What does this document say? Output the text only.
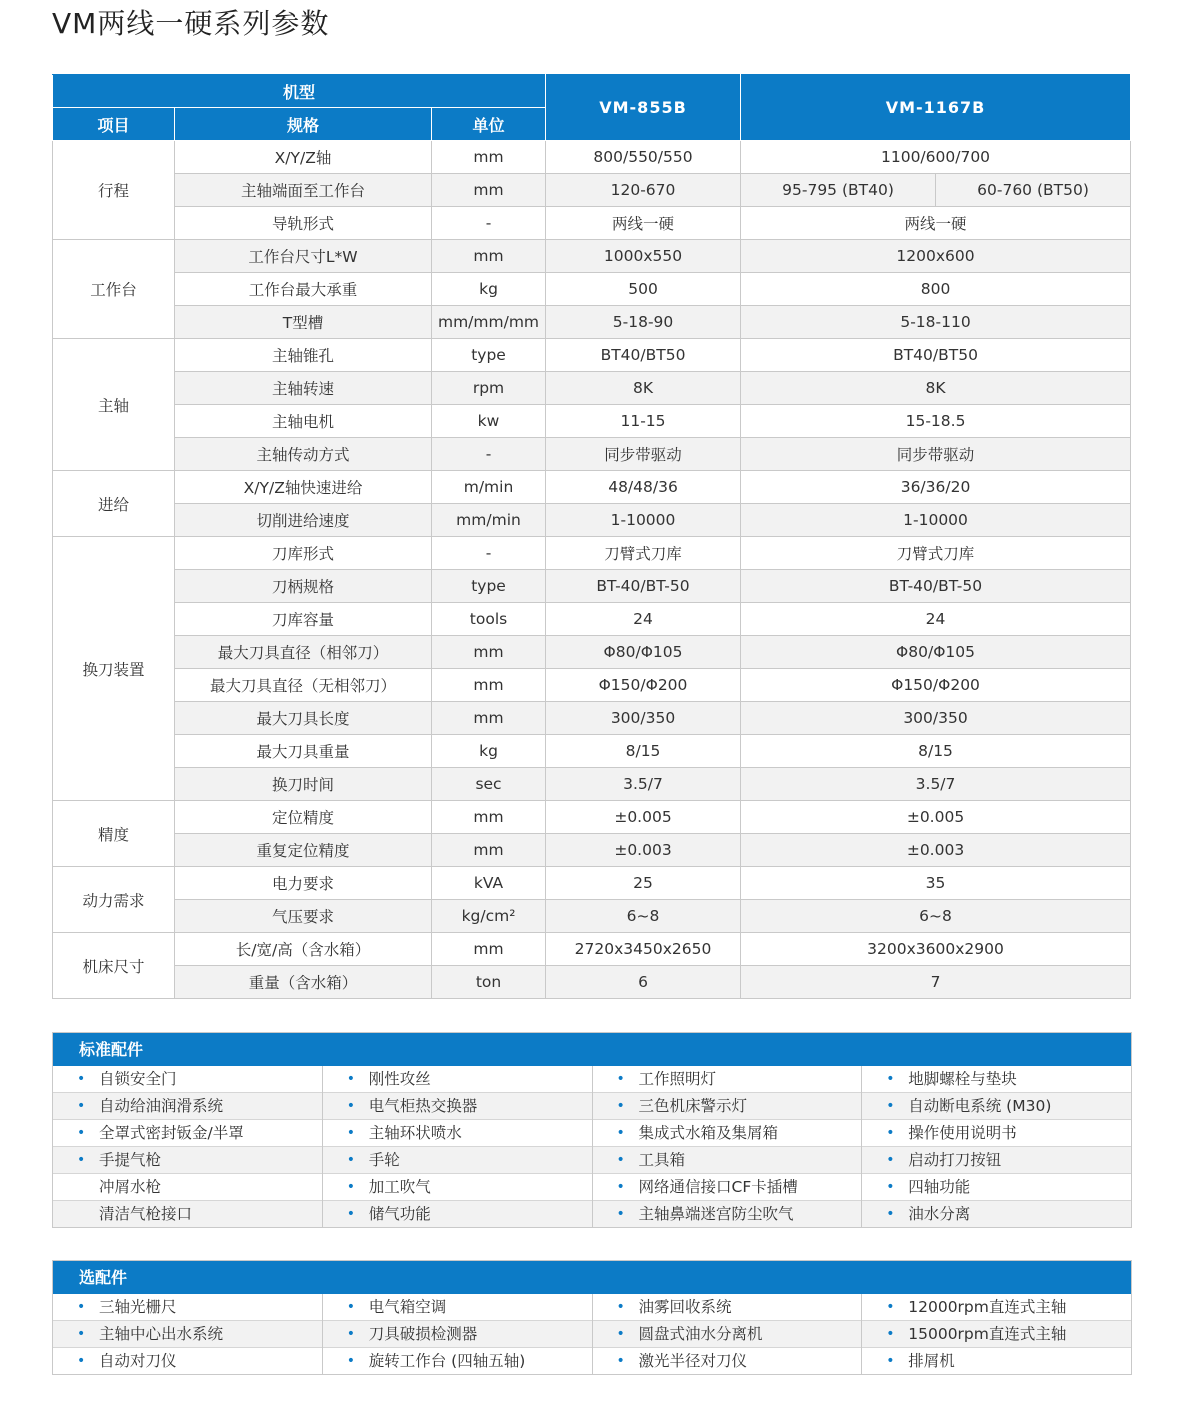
VM两线一硬系列参数
机型			VM-855B	VM-1167B	
项目	规格	单位			
行程	X/Y/Z轴	mm	800/550/550	1100/600/700	
	主轴端面至工作台	mm	120-670	95-795 (BT40)	60-760 (BT50)
	导轨形式	-	两线一硬	两线一硬	
工作台	工作台尺寸L*W	mm	1000x550	1200x600	
	工作台最大承重	kg	500	800	
	T型槽	mm/mm/mm	5-18-90	5-18-110	
主轴	主轴锥孔	type	BT40/BT50	BT40/BT50	
	主轴转速	rpm	8K	8K	
	主轴电机	kw	11-15	15-18.5	
	主轴传动方式	-	同步带驱动	同步带驱动	
进给	X/Y/Z轴快速进给	m/min	48/48/36	36/36/20	
	切削进给速度	mm/min	1-10000	1-10000	
换刀装置	刀库形式	-	刀臂式刀库	刀臂式刀库	
	刀柄规格	type	BT-40/BT-50	BT-40/BT-50	
	刀库容量	tools	24	24	
	最大刀具直径（相邻刀）	mm	Φ80/Φ105	Φ80/Φ105	
	最大刀具直径（无相邻刀）	mm	Φ150/Φ200	Φ150/Φ200	
	最大刀具长度	mm	300/350	300/350	
	最大刀具重量	kg	8/15	8/15	
	换刀时间	sec	3.5/7	3.5/7	
精度	定位精度	mm	±0.005	±0.005	
	重复定位精度	mm	±0.003	±0.003	
动力需求	电力要求	kVA	25	35	
	气压要求	kg/cm²	6~8	6~8	
机床尺寸	长/宽/高（含水箱）	mm	2720x3450x2650	3200x3600x2900	
	重量（含水箱）	ton	6	7	
标准配件
• 自锁安全门
• 自动给油润滑系统
• 全罩式密封钣金/半罩
• 手提气枪
冲屑水枪
清洁气枪接口
• 刚性攻丝
• 电气柜热交换器
• 主轴环状喷水
• 手轮
• 加工吹气
• 储气功能
• 工作照明灯
• 三色机床警示灯
• 集成式水箱及集屑箱
• 工具箱
• 网络通信接口CF卡插槽
• 主轴鼻端迷宫防尘吹气
• 地脚螺栓与垫块
• 自动断电系统 (M30)
• 操作使用说明书
• 启动打刀按钮
• 四轴功能
• 油水分离
选配件
• 三轴光栅尺
• 主轴中心出水系统
• 自动对刀仪
• 电气箱空调
• 刀具破损检测器
• 旋转工作台 (四轴五轴)
• 油雾回收系统
• 圆盘式油水分离机
• 激光半径对刀仪
• 12000rpm直连式主轴
• 15000rpm直连式主轴
• 排屑机
